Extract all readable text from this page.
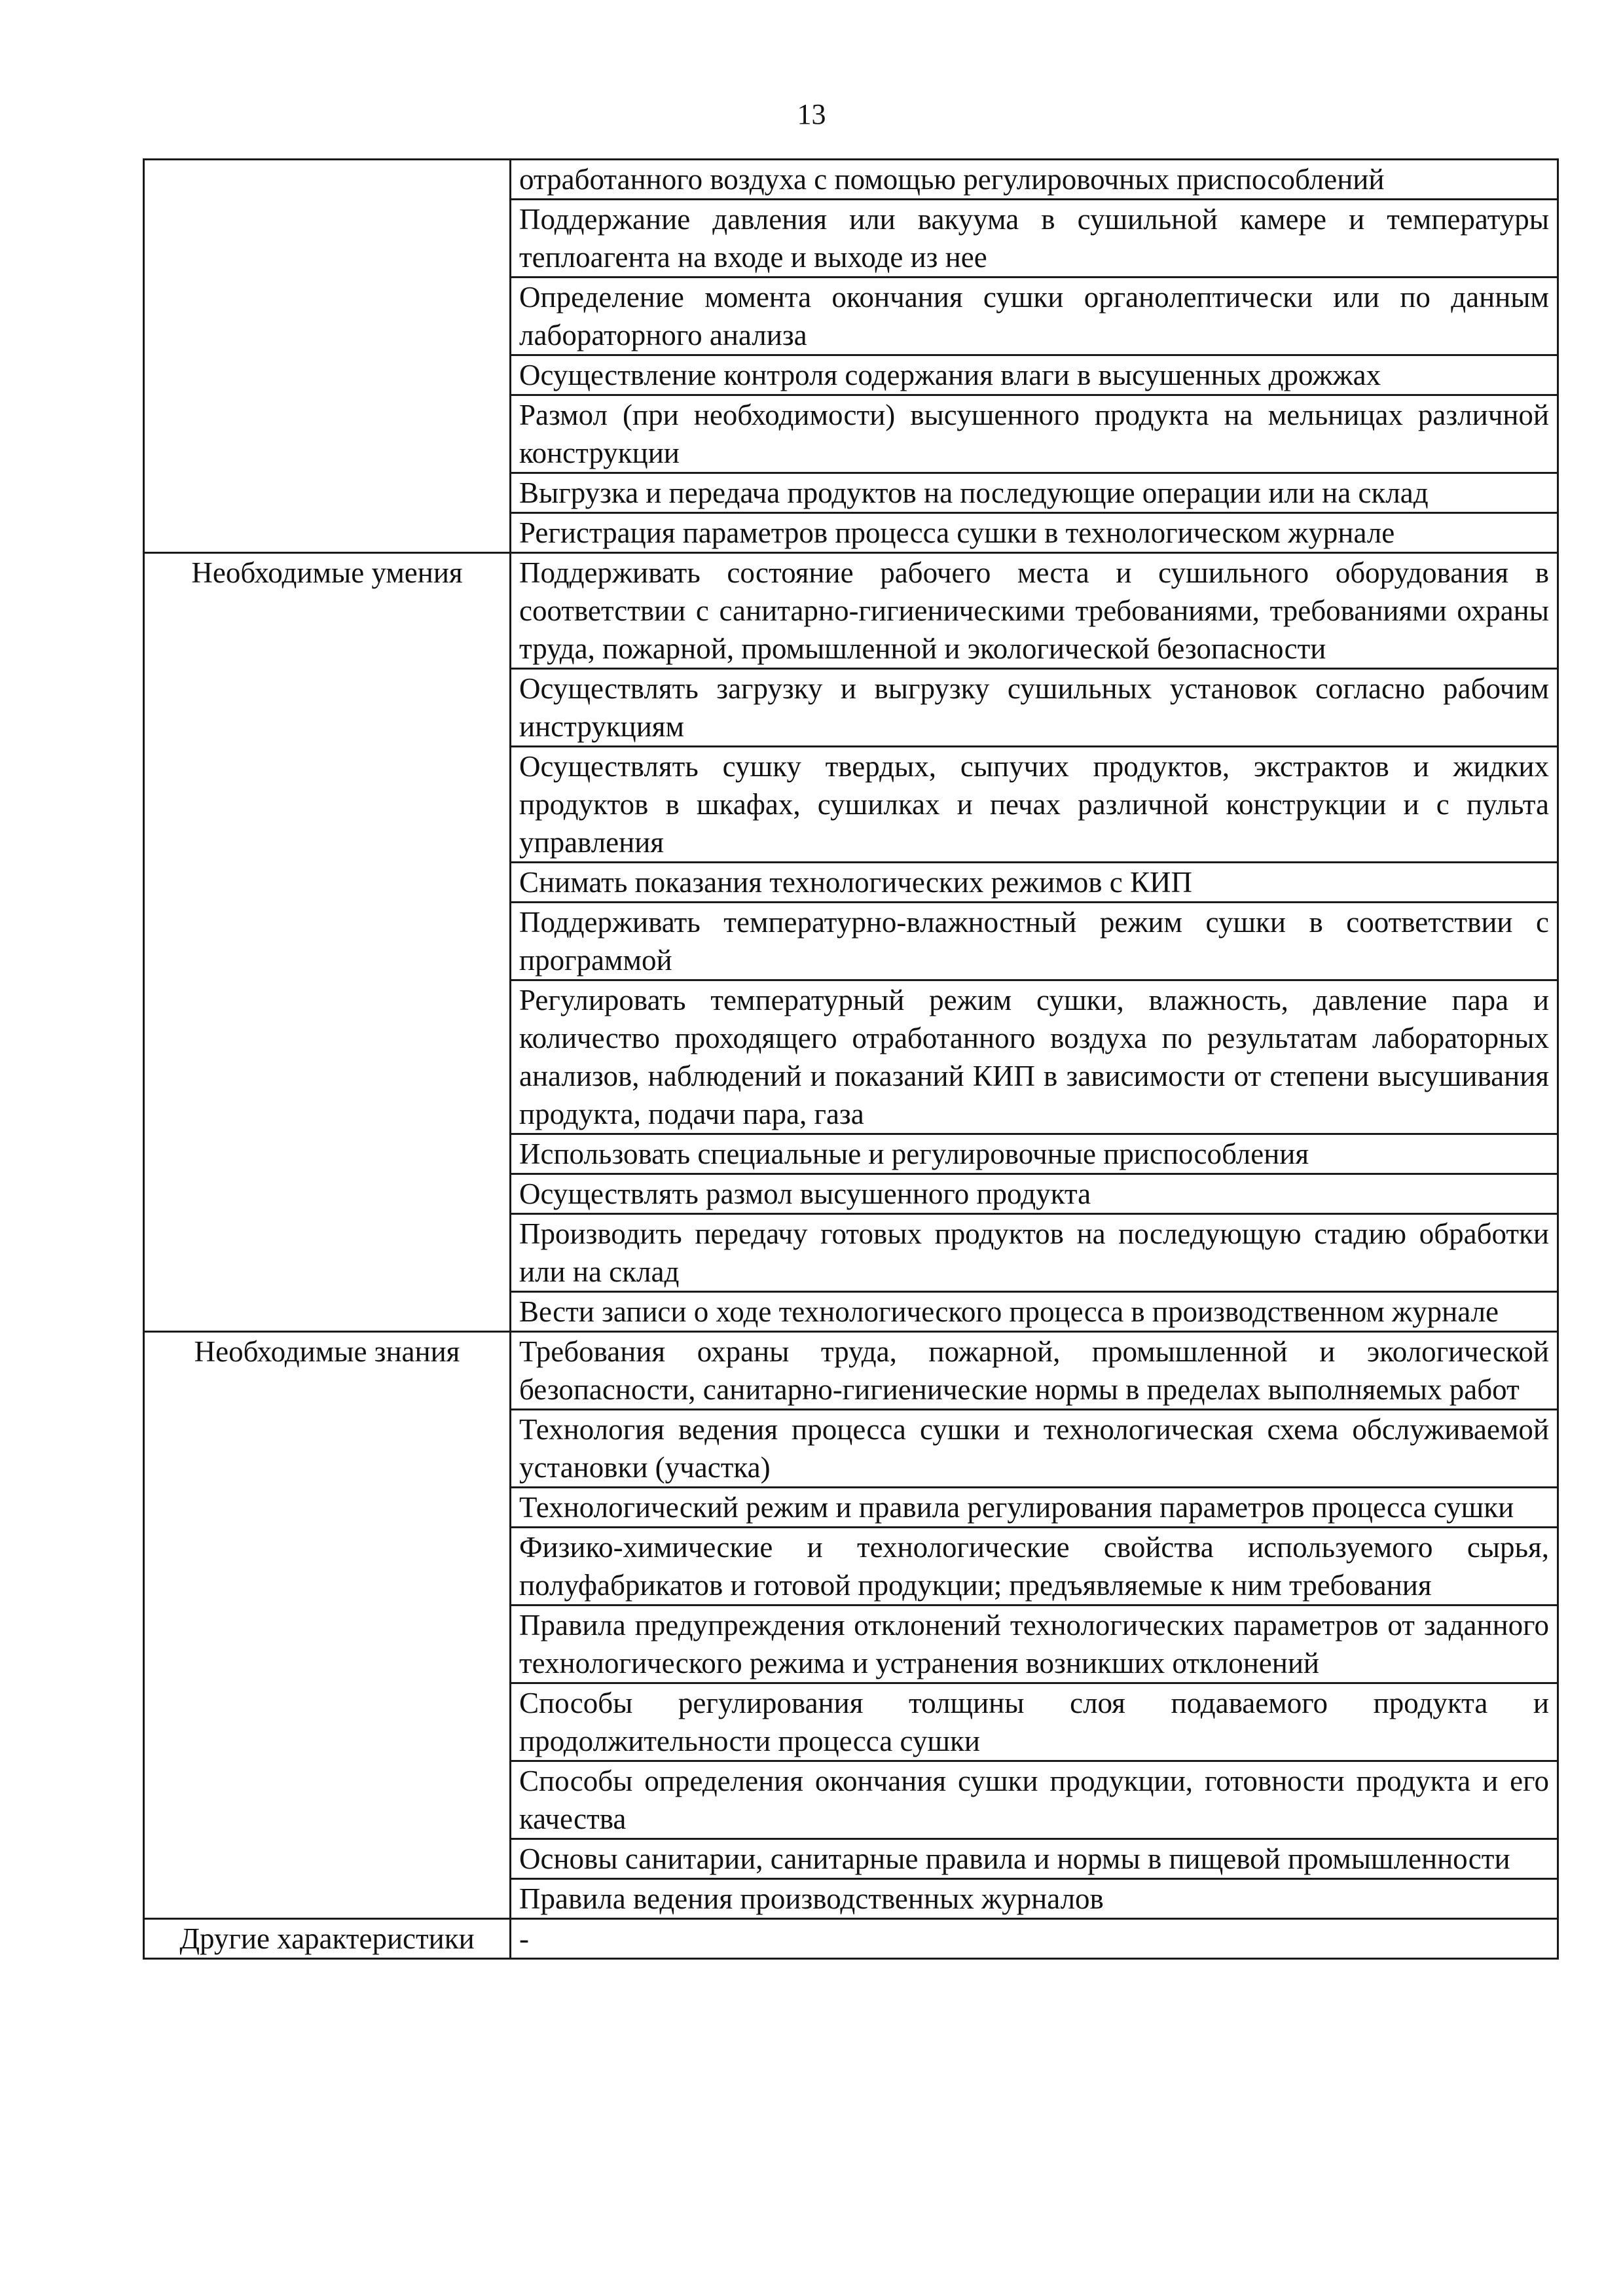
13
	отработанного воздуха с помощью регулировочных приспособлений
	Поддержание давления или вакуума в сушильной камере и температуры теплоагента на входе и выходе из нее
	Определение момента окончания сушки органолептически или по данным лабораторного анализа
	Осуществление контроля содержания влаги в высушенных дрожжах
	Размол (при необходимости) высушенного продукта на мельницах различной конструкции
	Выгрузка и передача продуктов на последующие операции или на склад
	Регистрация параметров процесса сушки в технологическом журнале
Необходимые умения	Поддерживать состояние рабочего места и сушильного оборудования в соответствии с санитарно-гигиеническими требованиями, требованиями охраны труда, пожарной, промышленной и экологической безопасности
	Осуществлять загрузку и выгрузку сушильных установок согласно рабочим инструкциям
	Осуществлять сушку твердых, сыпучих продуктов, экстрактов и жидких продуктов в шкафах, сушилках и печах различной конструкции и с пульта управления
	Снимать показания технологических режимов с КИП
	Поддерживать температурно-влажностный режим сушки в соответствии с программой
	Регулировать температурный режим сушки, влажность, давление пара и количество проходящего отработанного воздуха по результатам лабораторных анализов, наблюдений и показаний КИП в зависимости от степени высушивания продукта, подачи пара, газа
	Использовать специальные и регулировочные приспособления
	Осуществлять размол высушенного продукта
	Производить передачу готовых продуктов на последующую стадию обработки или на склад
	Вести записи о ходе технологического процесса в производственном журнале
Необходимые знания	Требования охраны труда, пожарной, промышленной и экологической безопасности, санитарно-гигиенические нормы в пределах выполняемых работ
	Технология ведения процесса сушки и технологическая схема обслуживаемой установки (участка)
	Технологический режим и правила регулирования параметров процесса сушки
	Физико-химические и технологические свойства используемого сырья, полуфабрикатов и готовой продукции; предъявляемые к ним требования
	Правила предупреждения отклонений технологических параметров от заданного технологического режима и устранения возникших отклонений
	Способы регулирования толщины слоя подаваемого продукта и продолжительности процесса сушки
	Способы определения окончания сушки продукции, готовности продукта и его качества
	Основы санитарии, санитарные правила и нормы в пищевой промышленности
	Правила ведения производственных журналов
Другие характеристики	-
